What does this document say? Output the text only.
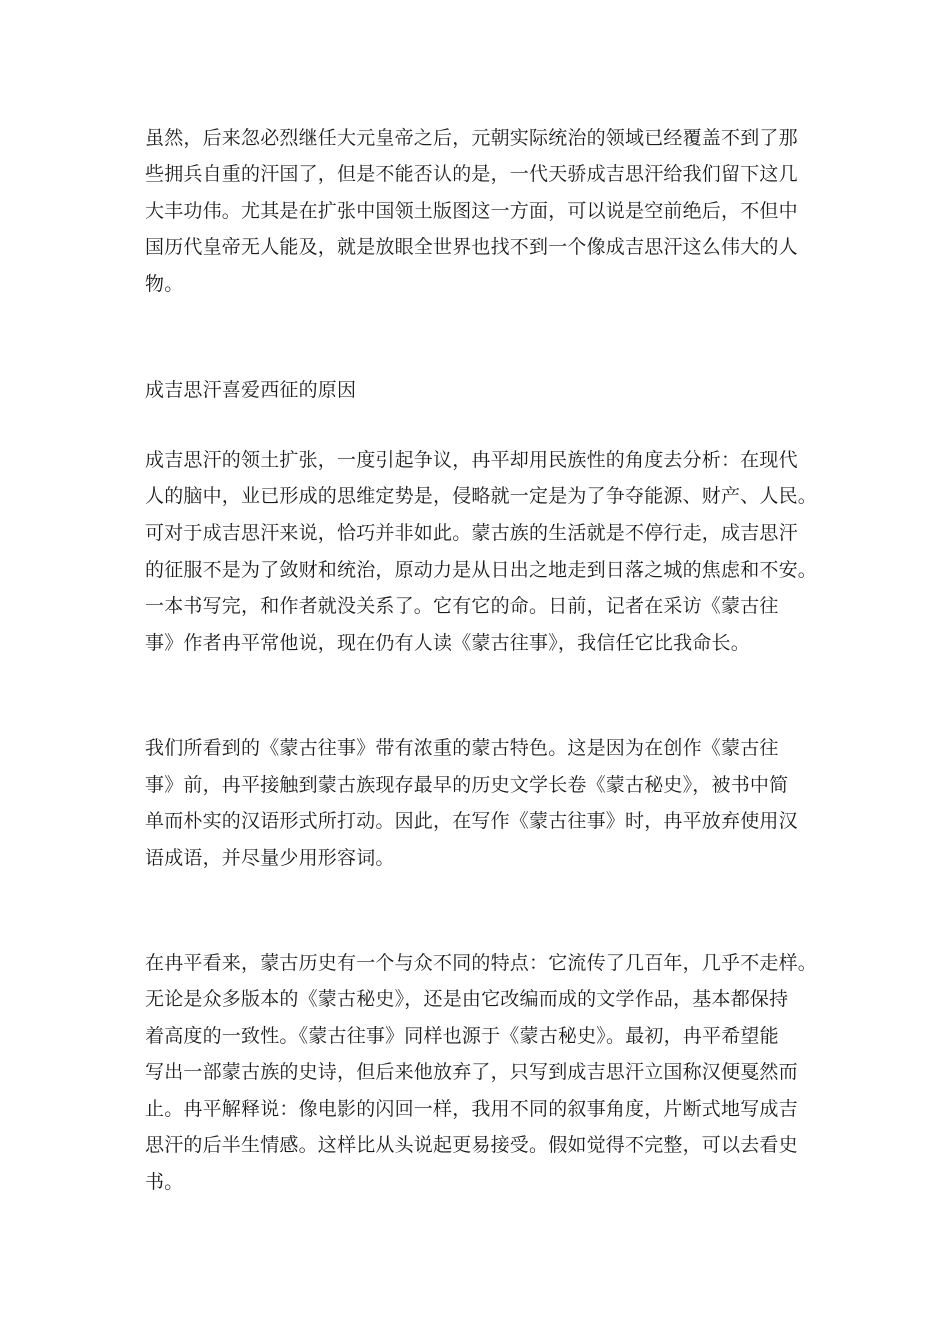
虽然，后来忽必烈继任大元皇帝之后，元朝实际统治的领域已经覆盖不到了那
些拥兵自重的汗国了，但是不能否认的是，一代天骄成吉思汗给我们留下这几
大丰功伟。尤其是在扩张中国领土版图这一方面，可以说是空前绝后，不但中
国历代皇帝无人能及，就是放眼全世界也找不到一个像成吉思汗这么伟大的人
物。
成吉思汗喜爱西征的原因
成吉思汗的领土扩张，一度引起争议，冉平却用民族性的角度去分析：在现代
人的脑中，业已形成的思维定势是，侵略就一定是为了争夺能源、财产、人民。
可对于成吉思汗来说，恰巧并非如此。蒙古族的生活就是不停行走，成吉思汗
的征服不是为了敛财和统治，原动力是从日出之地走到日落之城的焦虑和不安。
一本书写完，和作者就没关系了。它有它的命。日前，记者在采访《蒙古往
事》作者冉平常他说，现在仍有人读《蒙古往事》，我信任它比我命长。
我们所看到的《蒙古往事》带有浓重的蒙古特色。这是因为在创作《蒙古往
事》前，冉平接触到蒙古族现存最早的历史文学长卷《蒙古秘史》，被书中简
单而朴实的汉语形式所打动。因此，在写作《蒙古往事》时，冉平放弃使用汉
语成语，并尽量少用形容词。
在冉平看来，蒙古历史有一个与众不同的特点：它流传了几百年，几乎不走样。
无论是众多版本的《蒙古秘史》，还是由它改编而成的文学作品，基本都保持
着高度的一致性。《蒙古往事》同样也源于《蒙古秘史》。最初，冉平希望能
写出一部蒙古族的史诗，但后来他放弃了，只写到成吉思汗立国称汉便戛然而
止。冉平解释说：像电影的闪回一样，我用不同的叙事角度，片断式地写成吉
思汗的后半生情感。这样比从头说起更易接受。假如觉得不完整，可以去看史
书。
